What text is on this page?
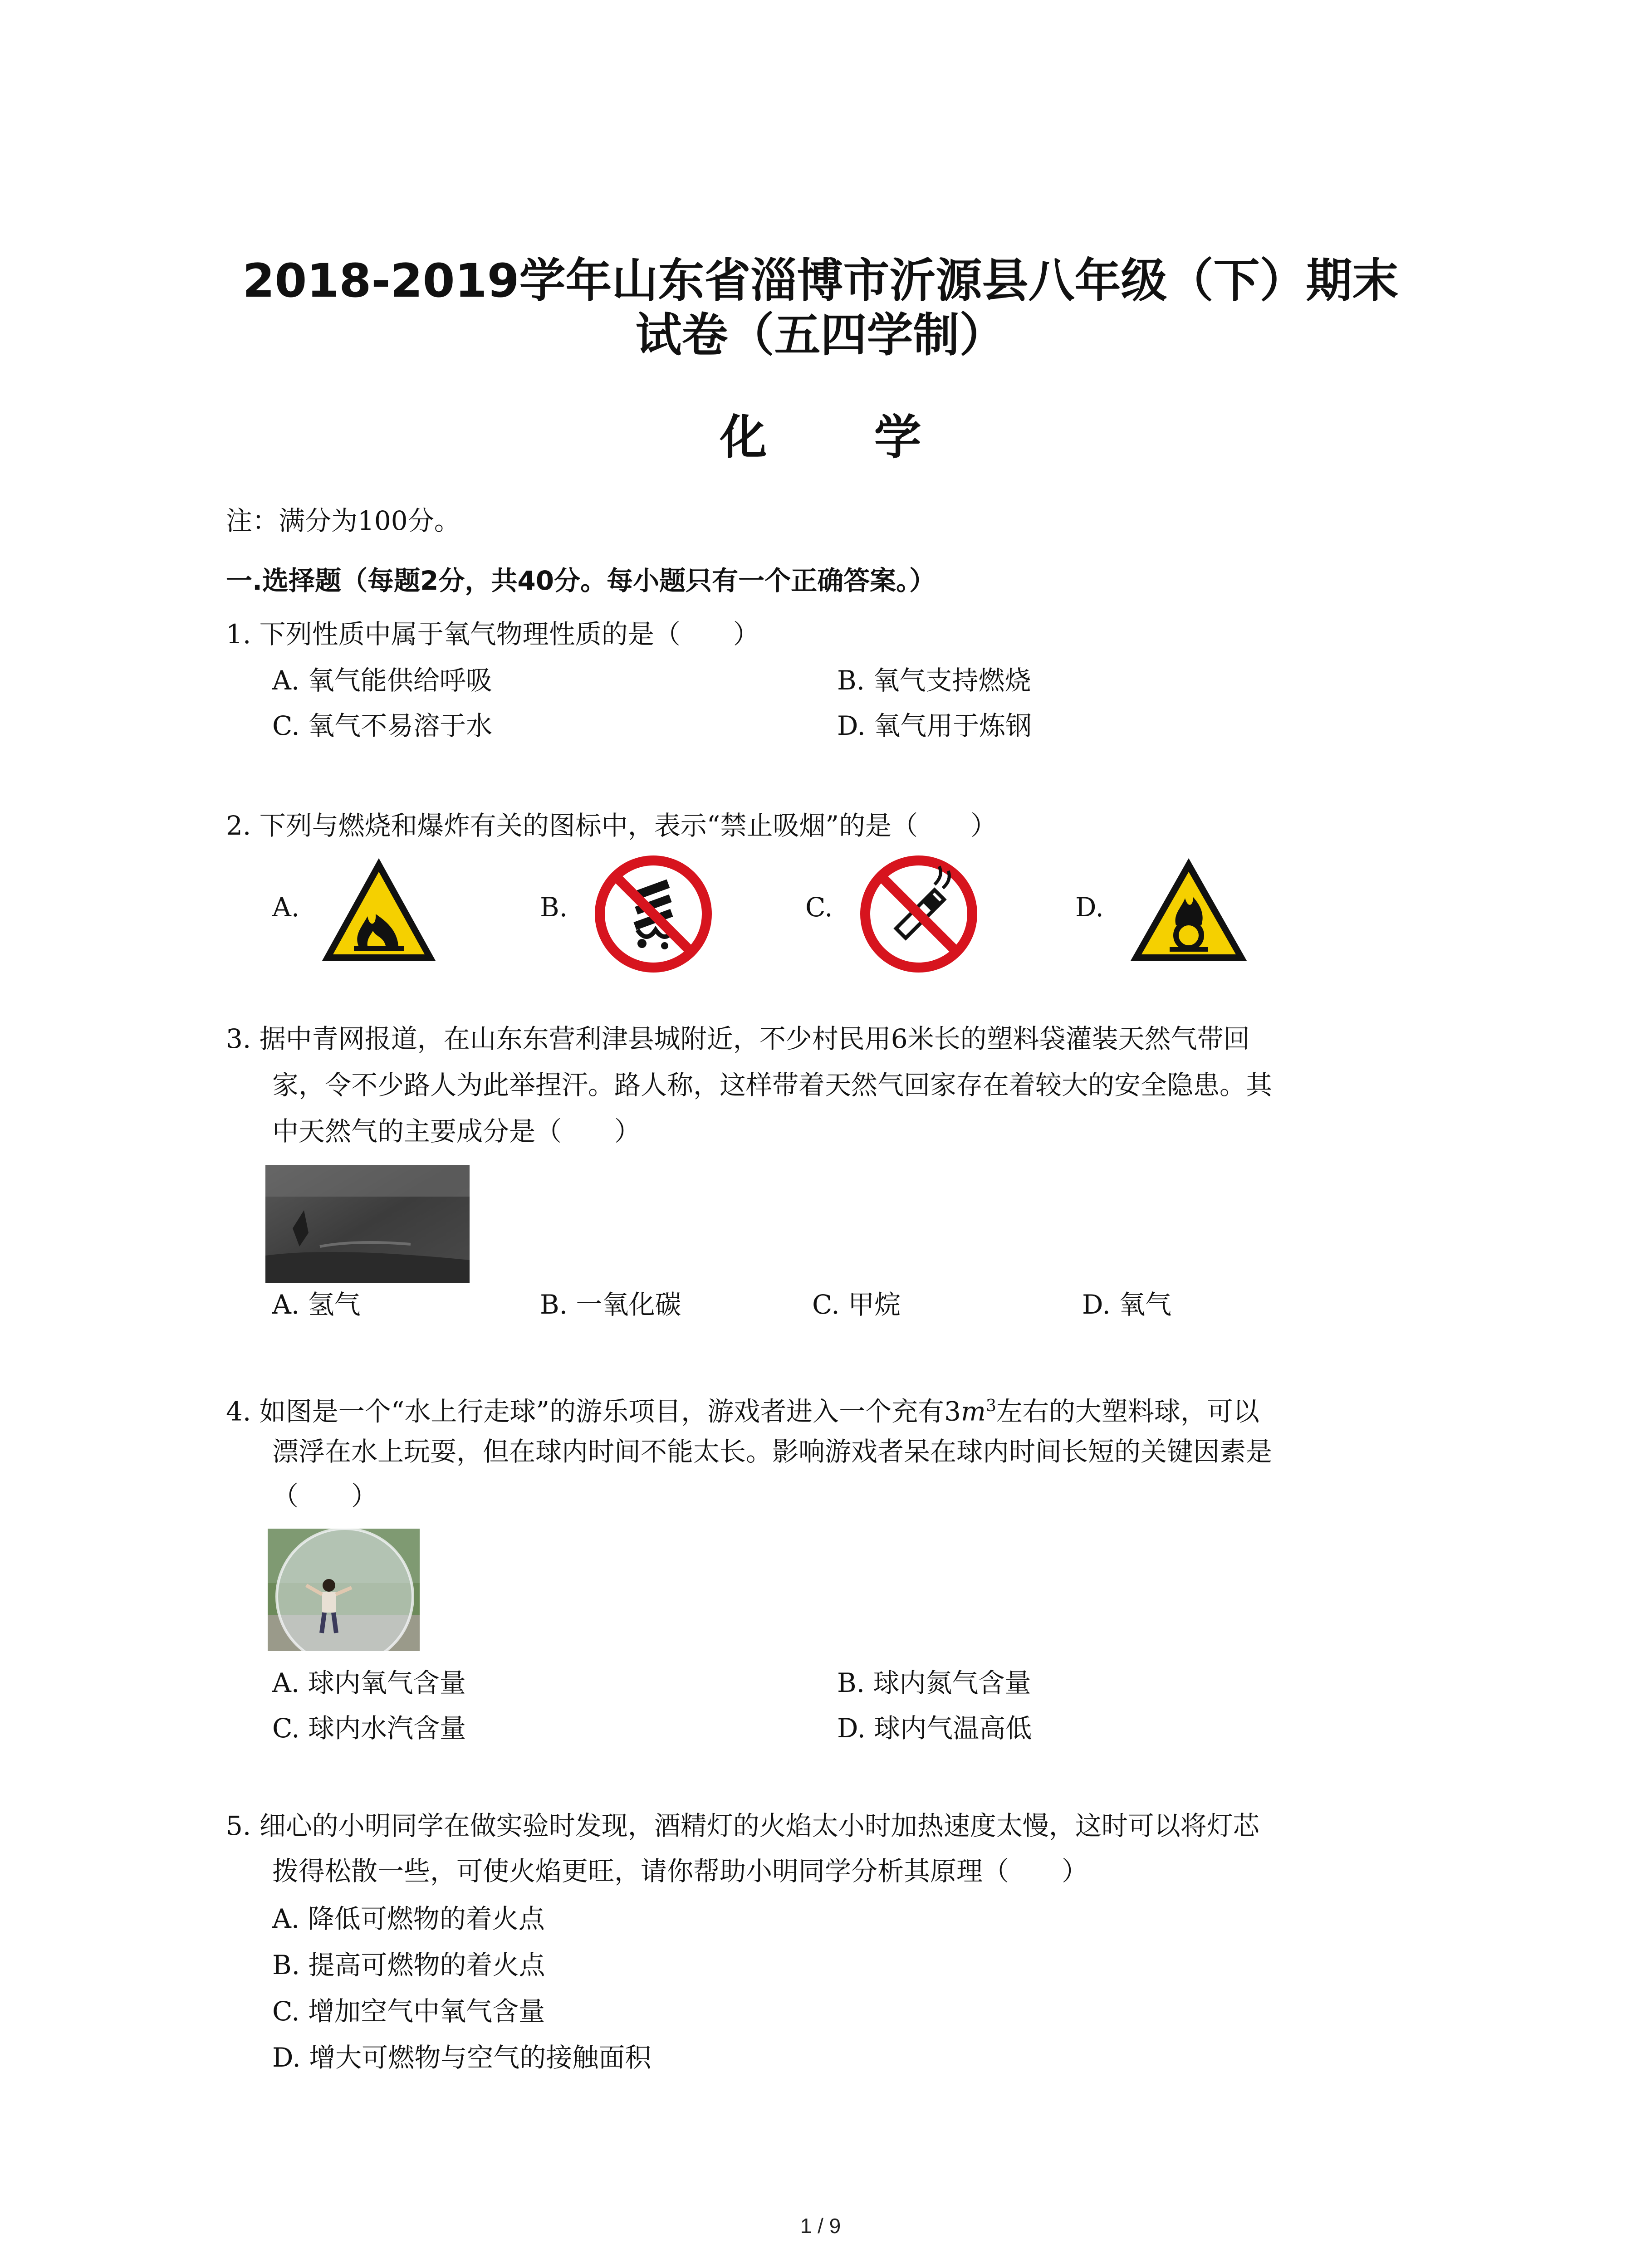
2018-2019学年山东省淄博市沂源县八年级（下）期末
试卷（五四学制）
化 学
注：满分为100分。
一.选择题（每题2分，共40分。每小题只有一个正确答案。）
1. 下列性质中属于氧气物理性质的是（　　）
A. 氧气能供给呼吸	B. 氧气支持燃烧
C. 氧气不易溶于水	D. 氧气用于炼钢
2. 下列与燃烧和爆炸有关的图标中，表示“禁止吸烟”的是（　　）
A.	B.	C.	D.
3. 据中青网报道，在山东东营利津县城附近，不少村民用6米长的塑料袋灌装天然气带回
家，令不少路人为此举捏汗。路人称，这样带着天然气回家存在着较大的安全隐患。其
中天然气的主要成分是（　　）
A. 氢气	B. 一氧化碳	C. 甲烷	D. 氧气
4. 如图是一个“水上行走球”的游乐项目，游戏者进入一个充有$3m^3$左右的大塑料球，可以
漂浮在水上玩耍，但在球内时间不能太长。影响游戏者呆在球内时间长短的关键因素是
（　　）
A. 球内氧气含量	B. 球内氮气含量
C. 球内水汽含量	D. 球内气温高低
5. 细心的小明同学在做实验时发现，酒精灯的火焰太小时加热速度太慢，这时可以将灯芯
拨得松散一些，可使火焰更旺，请你帮助小明同学分析其原理（　　）
A. 降低可燃物的着火点
B. 提高可燃物的着火点
C. 增加空气中氧气含量
D. 增大可燃物与空气的接触面积
1 / 9
